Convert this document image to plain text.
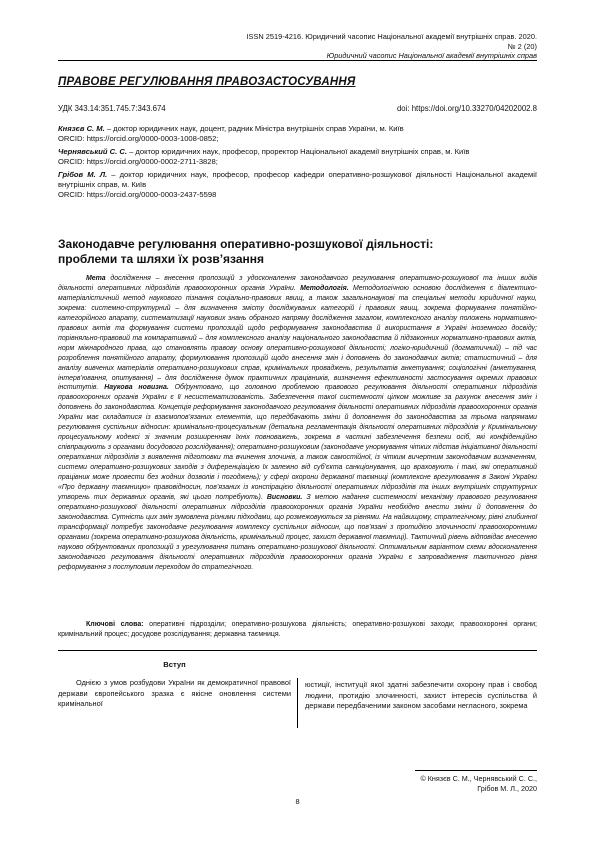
ISSN 2519-4216. Юридичний часопис Національної академії внутрішніх справ. 2020. № 2 (20)
Юридичний часопис Національної академії внутрішніх справ
ПРАВОВЕ РЕГУЛЮВАННЯ ПРАВОЗАСТОСУВАННЯ
УДК 343.14:351.745.7:343.674	doi: https://doi.org/10.33270/04202002.8
Князєв С. М. – доктор юридичних наук, доцент, радник Міністра внутрішніх справ України, м. Київ
ORCID: https://orcid.org/0000-0003-1008-0852;
Чернявський С. С. – доктор юридичних наук, професор, проректор Національної академії внутрішніх справ, м. Київ
ORCID: https://orcid.org/0000-0002-2711-3828;
Грібов М. Л. – доктор юридичних наук, професор, професор кафедри оперативно-розшукової діяльності Національної академії внутрішніх справ, м. Київ
ORCID: https://orcid.org/0000-0003-2437-5598
Законодавче регулювання оперативно-розшукової діяльності:
проблеми та шляхи їх розв’язання
Мета дослідження – внесення пропозицій з удосконалення законодавчого регулювання оперативно-розшукової та інших видів діяльності оперативних підрозділів правоохоронних органів України. Методологія. Методологічною основою дослідження є діалектико-матеріалістичний метод наукового пізнання соціально-правових явищ, а також загальнонаукові та спеціальні методи юридичної науки, зокрема: системно-структурний – для визначення змісту досліджуваних категорій і правових явищ, зокрема формування понятійно-категорійного апарату, систематизації наукових знань обраного напряму дослідження загалом, комплексного аналізу положень нормативно-правових актів та формування системи пропозицій щодо реформування законодавства й використання в Україні іноземного досвіду; порівняльно-правовий та компаративний – для комплексного аналізу національного законодавства й підзаконних нормативно-правових актів, норм міжнародного права, що становлять правову основу оперативно-розшукової діяльності; логіко-юридичний (догматичний) – під час розроблення понятійного апарату, формулювання пропозицій щодо внесення змін і доповнень до законодавчих актів; статистичний – для аналізу вивчених матеріалів оперативно-розшукових справ, кримінальних проваджень, результатів анкетування; соціологічні (анкетування, інтерв’ювання, опитування) – для дослідження думок практичних працівників, визначення ефективності застосування окремих правових інститутів. Наукова новизна. Обґрунтовано, що головною проблемою правового регулювання діяльності оперативних підрозділів правоохоронних органів України є її несистематизованість. Забезпечення такої системності цілком можливе за рахунок внесення змін і доповнень до законодавства. Концепція реформування законодавчого регулювання діяльності оперативних підрозділів правоохоронних органів України має складатися із взаємопов’язаних елементів, що передбачають зміни й доповнення до законодавства за трьома напрямами регулювання суспільних відносин: кримінально-процесуальним (детальна регламентація діяльності оперативних підрозділів у Кримінальному процесуальному кодексі зі значним розширенням їхніх повноважень, зокрема в частині забезпечення безпеки осіб, які конфіденційно співпрацюють з органами досудового розслідування); оперативно-розшуковим (законодавче унормування чітких підстав ініціативної діяльності оперативних підрозділів з виявлення підготовки та вчинення злочинів, а також самостійної, із чітким вичерпним законодавчим визначенням, системи оперативно-розшукових заходів з диференціацією їх залежно від суб’єкта санкціонування, що враховують і такі, які оперативний працівник може провести без жодних дозволів і погоджень); у сфері охорони державної таємниці (комплексне врегулювання в Законі України «Про державну таємницю» правовідносин, пов’язаних із конспірацією діяльності оперативних підрозділів та інших внутрішніх структурних утворень тих державних органів, які цього потребують). Висновки. З метою надання системності механізму правового регулювання оперативно-розшукової діяльності оперативних підрозділів правоохоронних органів України необхідно внести зміни й доповнення до законодавства. Сутність цих змін зумовлена різними підходами, що розмежовуються за рівнями. На найвищому, стратегічному, рівні глибинної трансформації потребує законодавче регулювання комплексу суспільних відносин, що пов’язані з протидією злочинності правоохоронними органами (зокрема оперативно-розшукова діяльність, кримінальний процес, захист державної таємниці). Тактичний рівень відповідає внесенню науково обґрунтованих пропозицій з урегулювання питань оперативно-розшукової діяльності. Оптимальним варіантом схеми вдосконалення законодавчого регулювання діяльності оперативних підрозділів правоохоронних органів України є запровадження тактичного рівня реформування з поступовим переходом до стратегічного.
Ключові слова: оперативні підрозділи; оперативно-розшукова діяльність; оперативно-розшукові заходи; правоохоронні органи; кримінальний процес; досудове розслідування; державна таємниця.
Вступ
Однією з умов розбудови України як демократичної правової держави європейського зразка є якісне оновлення системи кримінальної
юстиції, інституції якої здатні забезпечити охорону прав і свобод людини, протидію злочинності, захист інтересів суспільства й держави передбаченими законом засобами негласного, зокрема
© Князєв С. М., Чернявський С. С.,
Грібов М. Л., 2020
8
